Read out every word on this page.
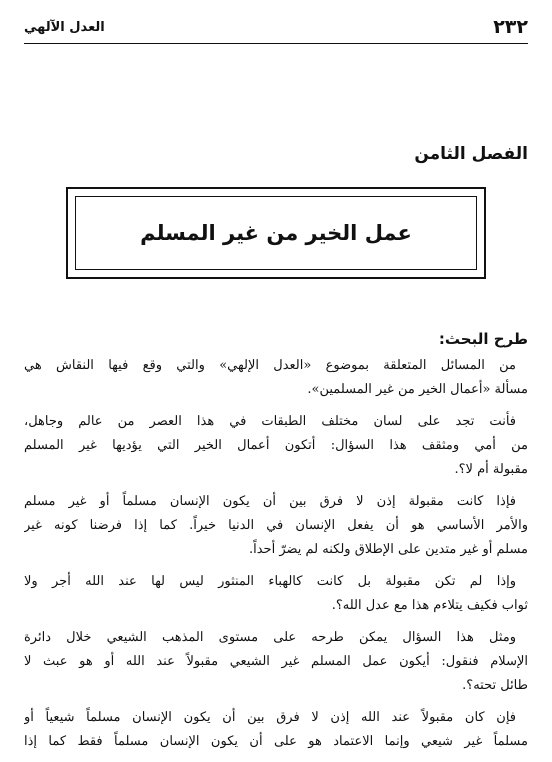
٢٣٢
العدل الآلهي
الفصل الثامن
عمل الخير من غير المسلم
طرح البحث:

من المسائل المتعلقة بموضوع «العدل الإلهي» والتي وقع فيها النقاش هي
مسألة «أعمال الخير من غير المسلمين».

فأنت تجد على لسان مختلف الطبقات في هذا العصر من عالم وجاهل،
من أمي ومثقف هذا السؤال: أتكون أعمال الخير التي يؤديها غير المسلم
مقبولة أم لا؟.

فإذا كانت مقبولة إذن لا فرق بين أن يكون الإنسان مسلماً أو غير مسلم
والأمر الأساسي هو أن يفعل الإنسان في الدنيا خيراً. كما إذا فرضنا كونه غير
مسلم أو غير متدين على الإطلاق ولكنه لم يضرّ أحداً.

وإذا لم تكن مقبولة بل كانت كالهباء المنثور ليس لها عند الله أجر ولا
ثواب فكيف يتلاءم هذا مع عدل الله؟.

ومثل هذا السؤال يمكن طرحه على مستوى المذهب الشيعي خلال دائرة
الإسلام فنقول: أيكون عمل المسلم غير الشيعي مقبولاً عند الله أو هو عبث لا
طائل تحته؟.

فإن كان مقبولاً عند الله إذن لا فرق بين أن يكون الإنسان مسلماً شيعياً أو
مسلماً غير شيعي وإنما الاعتماد هو على أن يكون الإنسان مسلماً فقط كما إذا
